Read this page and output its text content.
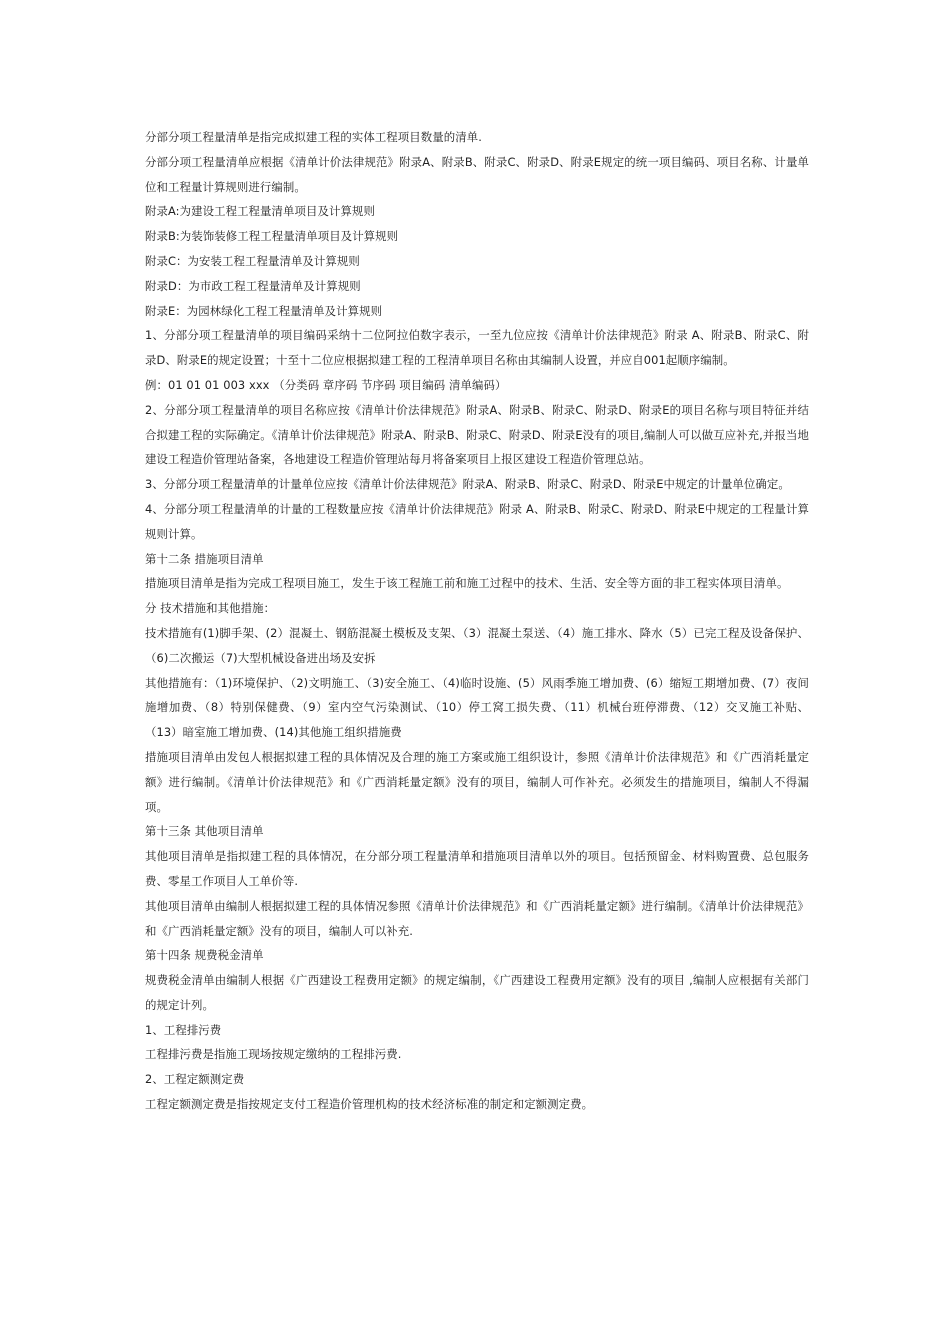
分部分项工程量清单是指完成拟建工程的实体工程项目数量的清单.

分部分项工程量清单应根据《清单计价法律规范》附录A、附录B、附录C、附录D、附录E规定的统一项目编码、项目名称、计量单位和工程量计算规则进行编制。

附录A:为建设工程工程量清单项目及计算规则

附录B:为装饰装修工程工程量清单项目及计算规则

附录C：为安装工程工程量清单及计算规则

附录D：为市政工程工程量清单及计算规则

附录E：为园林绿化工程工程量清单及计算规则

1、分部分项工程量清单的项目编码采纳十二位阿拉伯数字表示，一至九位应按《清单计价法律规范》附录 A、附录B、附录C、附录D、附录E的规定设置；十至十二位应根据拟建工程的工程清单项目名称由其编制人设置，并应自001起顺序编制。

例：01 01 01 003 xxx （分类码 章序码 节序码 项目编码 清单编码）

2、分部分项工程量清单的项目名称应按《清单计价法律规范》附录A、附录B、附录C、附录D、附录E的项目名称与项目特征并结合拟建工程的实际确定。《清单计价法律规范》附录A、附录B、附录C、附录D、附录E没有的项目,编制人可以做互应补充,并报当地建设工程造价管理站备案，各地建设工程造价管理站每月将备案项目上报区建设工程造价管理总站。

3、分部分项工程量清单的计量单位应按《清单计价法律规范》附录A、附录B、附录C、附录D、附录E中规定的计量单位确定。

4、分部分项工程量清单的计量的工程数量应按《清单计价法律规范》附录 A、附录B、附录C、附录D、附录E中规定的工程量计算规则计算。

第十二条 措施项目清单

措施项目清单是指为完成工程项目施工，发生于该工程施工前和施工过程中的技术、生活、安全等方面的非工程实体项目清单。

分 技术措施和其他措施：

技术措施有(1)脚手架、(2）混凝土、钢筋混凝土模板及支架、（3）混凝土泵送、（4）施工排水、降水（5）已完工程及设备保护、（6)二次搬运（7)大型机械设备进出场及安拆

其他措施有：（1)环境保护、（2)文明施工、（3)安全施工、（4)临时设施、(5）风雨季施工增加费、(6）缩短工期增加费、(7）夜间施增加费、（8）特别保健费、（9）室内空气污染测试、（10）停工窝工损失费、（11）机械台班停滞费、（12）交叉施工补贴、（13）暗室施工增加费、(14)其他施工组织措施费

措施项目清单由发包人根据拟建工程的具体情况及合理的施工方案或施工组织设计，参照《清单计价法律规范》和《广西消耗量定额》进行编制。《清单计价法律规范》和《广西消耗量定额》没有的项目，编制人可作补充。必须发生的措施项目，编制人不得漏项。

第十三条 其他项目清单

其他项目清单是指拟建工程的具体情况，在分部分项工程量清单和措施项目清单以外的项目。包括预留金、材料购置费、总包服务费、零星工作项目人工单价等.

其他项目清单由编制人根据拟建工程的具体情况参照《清单计价法律规范》和《广西消耗量定额》进行编制。《清单计价法律规范》和《广西消耗量定额》没有的项目，编制人可以补充.

第十四条 规费税金清单

规费税金清单由编制人根据《广西建设工程费用定额》的规定编制，《广西建设工程费用定额》没有的项目 ,编制人应根据有关部门的规定计列。

1、工程排污费

工程排污费是指施工现场按规定缴纳的工程排污费.

2、工程定额测定费

工程定额测定费是指按规定支付工程造价管理机构的技术经济标准的制定和定额测定费。
